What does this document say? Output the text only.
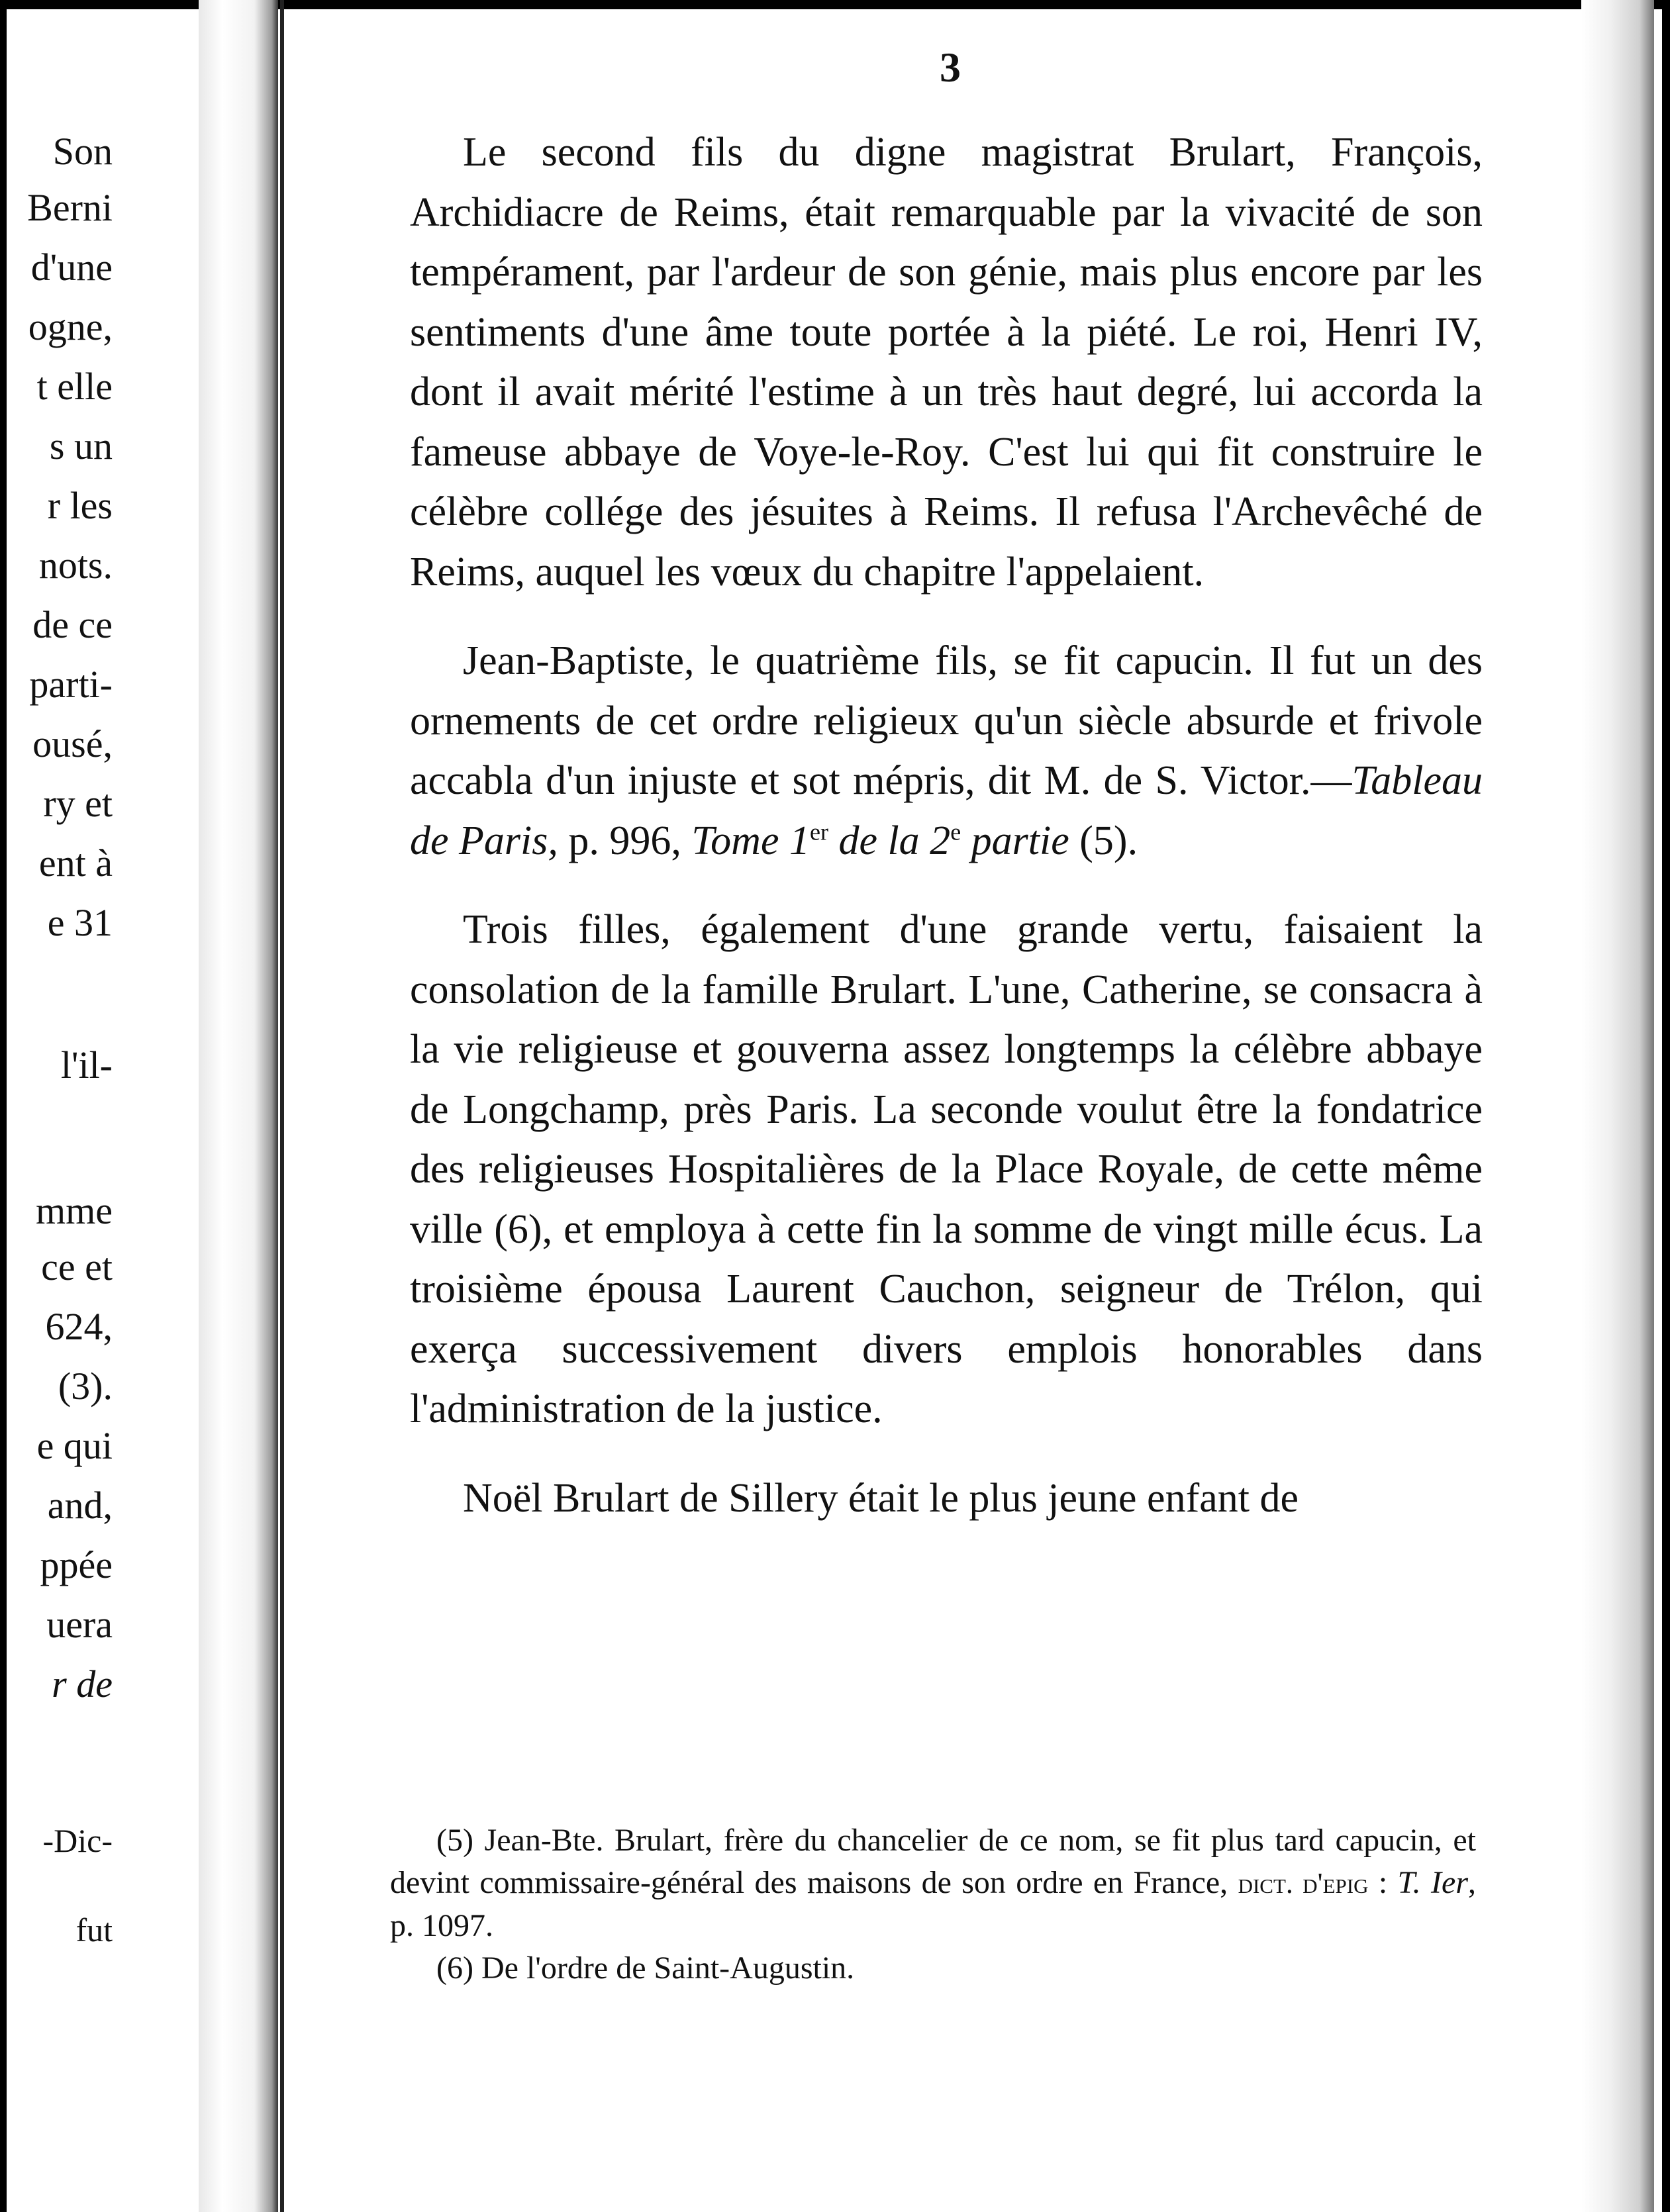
Son
Berni
d'une
ogne,
t elle
s un
r les
nots.
de ce
parti-
ousé,
ry et
ent à
e 31
l'il-
mme
ce et
624,
(3).
e qui
and,
ppée
uera
r de
-Dic-
fut
3

Le second fils du digne magistrat Brulart, François, Archidiacre de Reims, était remarquable par la vivacité de son tempérament, par l'ardeur de son génie, mais plus encore par les sentiments d'une âme toute portée à la piété. Le roi, Henri IV, dont il avait mérité l'estime à un très haut degré, lui accorda la fameuse abbaye de Voye-le-Roy. C'est lui qui fit construire le célèbre collége des jésuites à Reims. Il refusa l'Archevêché de Reims, auquel les vœux du chapitre l'appelaient.

Jean-Baptiste, le quatrième fils, se fit capucin. Il fut un des ornements de cet ordre religieux qu'un siècle absurde et frivole accabla d'un injuste et sot mépris, dit M. de S. Victor.—Tableau de Paris, p. 996, Tome 1er de la 2e partie (5).

Trois filles, également d'une grande vertu, faisaient la consolation de la famille Brulart. L'une, Catherine, se consacra à la vie religieuse et gouverna assez longtemps la célèbre abbaye de Longchamp, près Paris. La seconde voulut être la fondatrice des religieuses Hospitalières de la Place Royale, de cette même ville (6), et employa à cette fin la somme de vingt mille écus. La troisième épousa Laurent Cauchon, seigneur de Trélon, qui exerça successivement divers emplois honorables dans l'administration de la justice.

Noël Brulart de Sillery était le plus jeune enfant de

(5) Jean-Bte. Brulart, frère du chancelier de ce nom, se fit plus tard capucin, et devint commissaire-général des maisons de son ordre en France, dict. d'epig : T. Ier, p. 1097.

(6) De l'ordre de Saint-Augustin.
